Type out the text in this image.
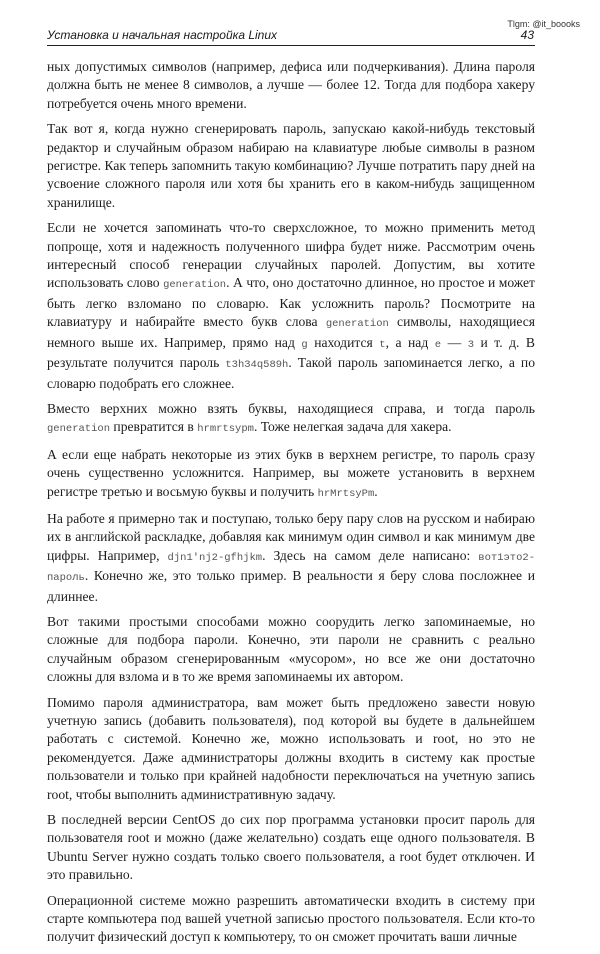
Tlgm: @it_boooks
Установка и начальная настройка Linux	43

ных допустимых символов (например, дефиса или подчеркивания). Длина пароля должна быть не менее 8 символов, а лучше — более 12. Тогда для подбора хакеру потребуется очень много времени.

Так вот я, когда нужно сгенерировать пароль, запускаю какой-нибудь текстовый редактор и случайным образом набираю на клавиатуре любые символы в разном регистре. Как теперь запомнить такую комбинацию? Лучше потратить пару дней на усвоение сложного пароля или хотя бы хранить его в каком-нибудь защищенном хранилище.

Если не хочется запоминать что-то сверхсложное, то можно применить метод попроще, хотя и надежность полученного шифра будет ниже. Рассмотрим очень интересный способ генерации случайных паролей. Допустим, вы хотите использовать слово generation. А что, оно достаточно длинное, но простое и может быть легко взломано по словарю. Как усложнить пароль? Посмотрите на клавиатуру и набирайте вместо букв слова generation символы, находящиеся немного выше их. Например, прямо над g находится t, а над e — 3 и т. д. В результате получится пароль t3h34q589h. Такой пароль запоминается легко, а по словарю подобрать его сложнее.

Вместо верхних можно взять буквы, находящиеся справа, и тогда пароль generation превратится в hrmrtsypm. Тоже нелегкая задача для хакера.

А если еще набрать некоторые из этих букв в верхнем регистре, то пароль сразу очень существенно усложнится. Например, вы можете установить в верхнем регистре третью и восьмую буквы и получить hrMrtsyPm.

На работе я примерно так и поступаю, только беру пару слов на русском и набираю их в английской раскладке, добавляя как минимум один символ и как минимум две цифры. Например, djn1'nj2-gfhjkm. Здесь на самом деле написано: вот1это2-пароль. Конечно же, это только пример. В реальности я беру слова посложнее и длиннее.

Вот такими простыми способами можно соорудить легко запоминаемые, но сложные для подбора пароли. Конечно, эти пароли не сравнить с реально случайным образом сгенерированным «мусором», но все же они достаточно сложны для взлома и в то же время запоминаемы их автором.

Помимо пароля администратора, вам может быть предложено завести новую учетную запись (добавить пользователя), под которой вы будете в дальнейшем работать с системой. Конечно же, можно использовать и root, но это не рекомендуется. Даже администраторы должны входить в систему как простые пользователи и только при крайней надобности переключаться на учетную запись root, чтобы выполнить административную задачу.

В последней версии CentOS до сих пор программа установки просит пароль для пользователя root и можно (даже желательно) создать еще одного пользователя. В Ubuntu Server нужно создать только своего пользователя, а root будет отключен. И это правильно.

Операционной системе можно разрешить автоматически входить в систему при старте компьютера под вашей учетной записью простого пользователя. Если кто-то получит физический доступ к компьютеру, то он сможет прочитать ваши личные
